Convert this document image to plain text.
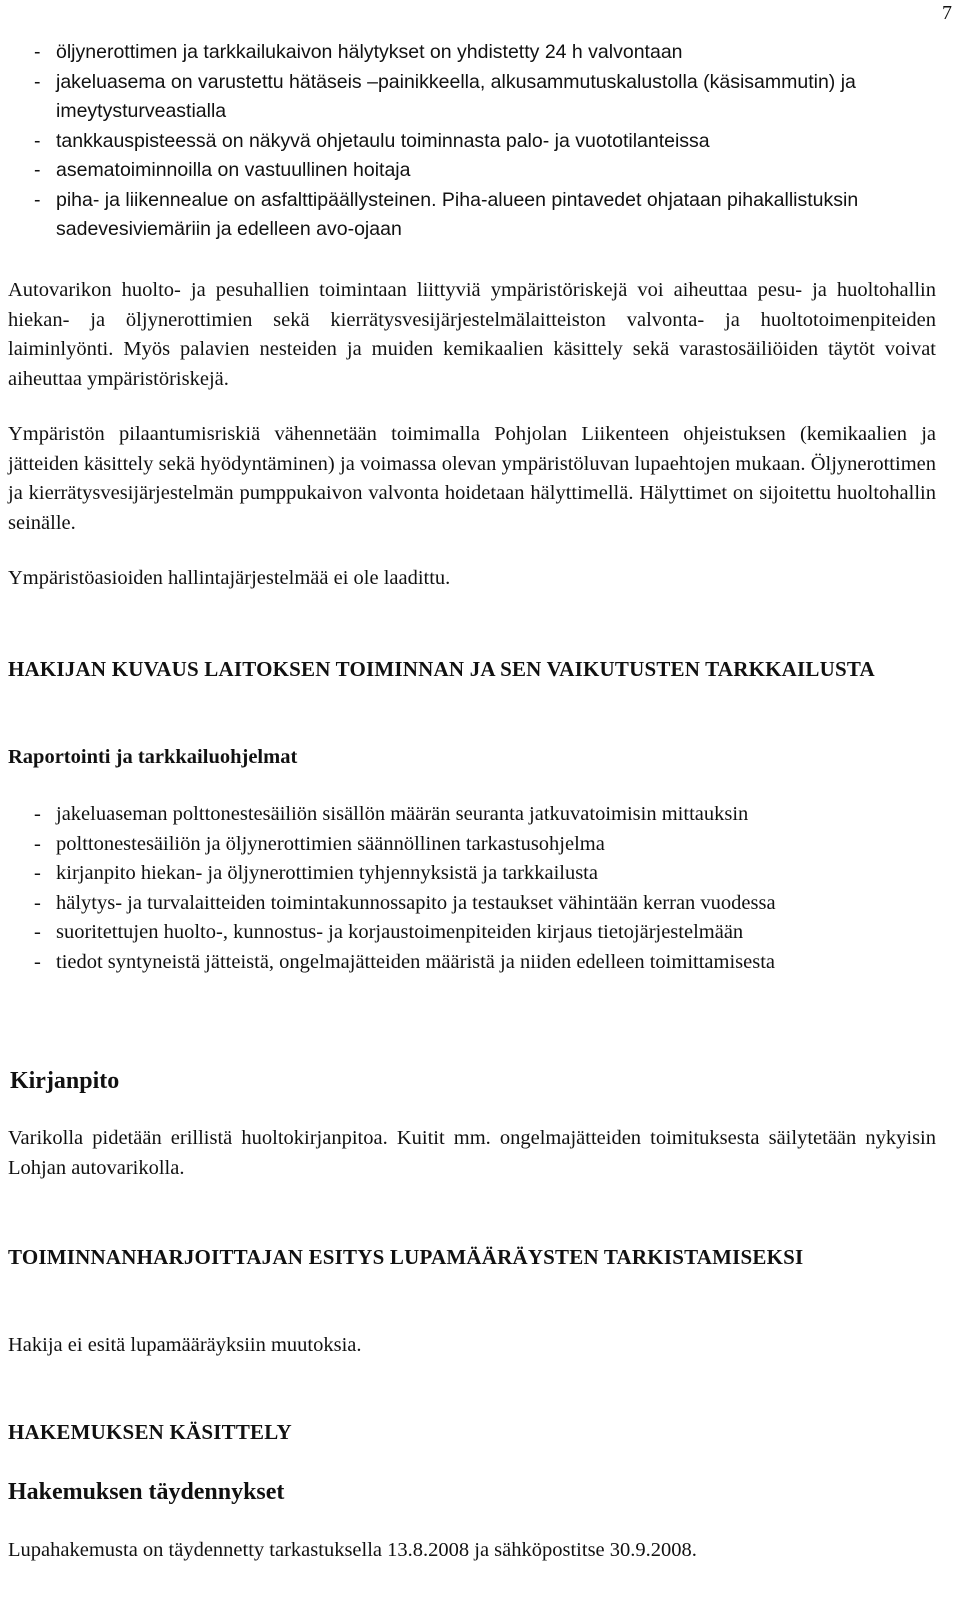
7
- öljynerottimen ja tarkkailukaivon hälytykset on yhdistetty 24 h valvontaan
- jakeluasema on varustettu hätäseis –painikkeella, alkusammutuskalustolla (käsisammutin) ja imeytysturveastialla
- tankkauspisteessä on näkyvä ohjetaulu toiminnasta palo- ja vuototilanteissa
- asematoiminnoilla on vastuullinen hoitaja
- piha- ja liikennealue on asfalttipäällysteinen. Piha-alueen pintavedet ohjataan pihakallistuksin sadevesiviemäriin ja edelleen avo-ojaan

Autovarikon huolto- ja pesuhallien toimintaan liittyviä ympäristöriskejä voi aiheuttaa pesu- ja huoltohallin hiekan- ja öljynerottimien sekä kierrätysvesijärjestelmälaitteiston valvonta- ja huoltotoimenpiteiden laiminlyönti. Myös palavien nesteiden ja muiden kemikaalien käsittely sekä varastosäiliöiden täytöt voivat aiheuttaa ympäristöriskejä.

Ympäristön pilaantumisriskiä vähennetään toimimalla Pohjolan Liikenteen ohjeistuksen (kemikaalien ja jätteiden käsittely sekä hyödyntäminen) ja voimassa olevan ympäristöluvan lupaehtojen mukaan. Öljynerottimen ja kierrätysvesijärjestelmän pumppukaivon valvonta hoidetaan hälyttimellä. Hälyttimet on sijoitettu huoltohallin seinälle.

Ympäristöasioiden hallintajärjestelmää ei ole laadittu.

HAKIJAN KUVAUS LAITOKSEN TOIMINNAN JA SEN VAIKUTUSTEN TARKKAILUSTA
Raportointi ja tarkkailuohjelmat
- jakeluaseman polttonestesäiliön sisällön määrän seuranta jatkuvatoimisin mittauksin
- polttonestesäiliön ja öljynerottimien säännöllinen tarkastusohjelma
- kirjanpito hiekan- ja öljynerottimien tyhjennyksistä ja tarkkailusta
- hälytys- ja turvalaitteiden toimintakunnossapito ja testaukset vähintään kerran vuodessa
- suoritettujen huolto-, kunnostus- ja korjaustoimenpiteiden kirjaus tietojärjestelmään
- tiedot syntyneistä jätteistä, ongelmajätteiden määristä ja niiden edelleen toimittamisesta
Kirjanpito

Varikolla pidetään erillistä huoltokirjanpitoa. Kuitit mm. ongelmajätteiden toimituksesta säilytetään nykyisin Lohjan autovarikolla.

TOIMINNANHARJOITTAJAN ESITYS LUPAMÄÄRÄYSTEN TARKISTAMISEKSI

Hakija ei esitä lupamääräyksiin muutoksia.

HAKEMUKSEN KÄSITTELY
Hakemuksen täydennykset

Lupahakemusta on täydennetty tarkastuksella 13.8.2008 ja sähköpostitse 30.9.2008.
